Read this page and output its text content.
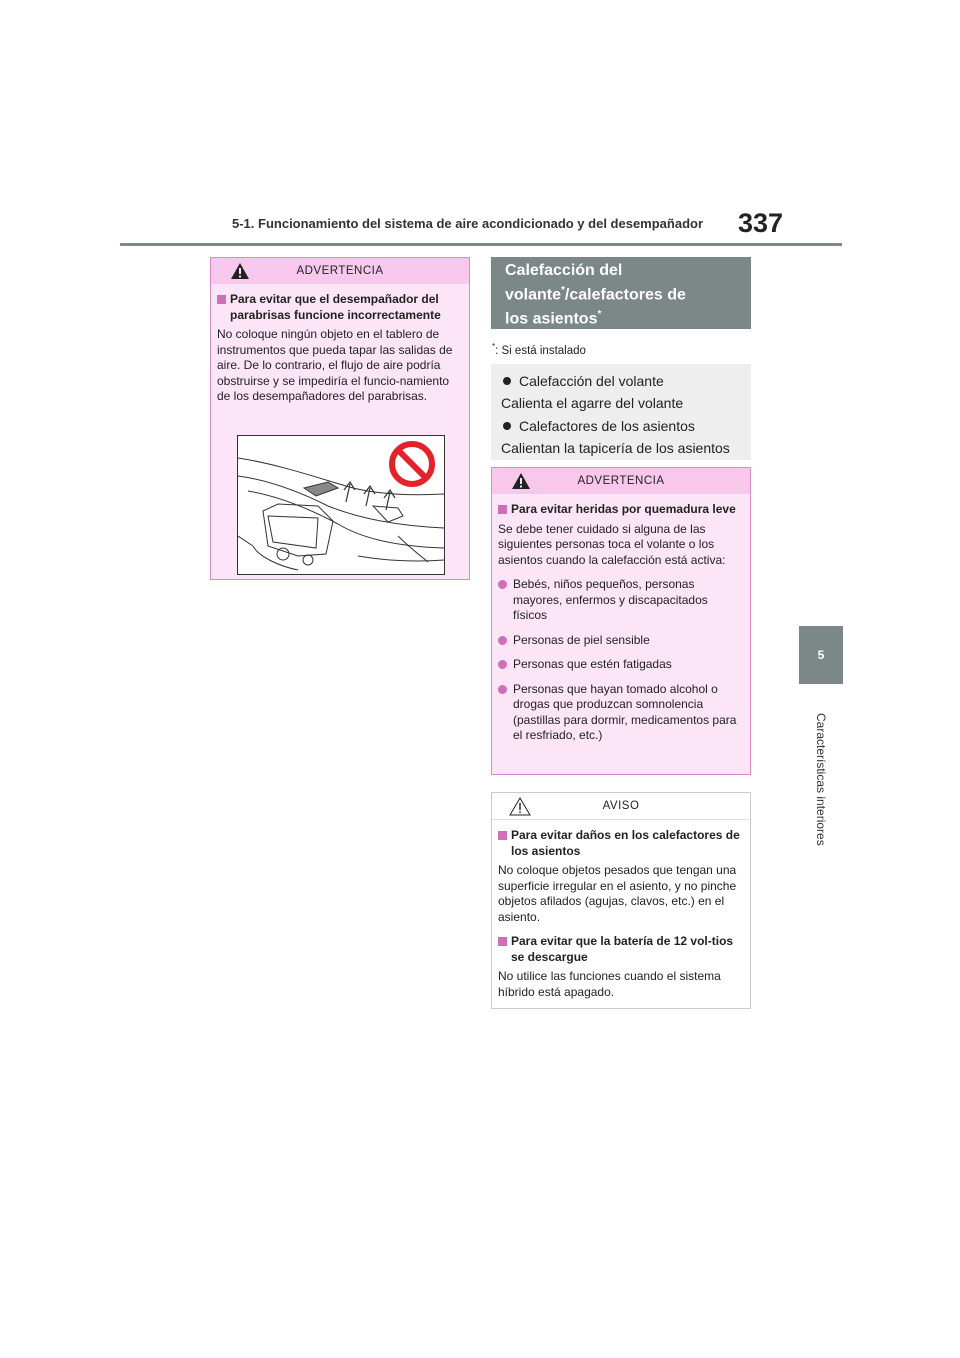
5-1. Funcionamiento del sistema de aire acondicionado y del desempañador 337
5
Características interiores
ADVERTENCIA
Para evitar que el desempañador del parabrisas funcione incorrectamente
No coloque ningún objeto en el tablero de instrumentos que pueda tapar las salidas de aire. De lo contrario, el flujo de aire podría obstruirse y se impediría el funcio-namiento de los desempañadores del parabrisas.
Calefacción del
volante*/calefactores de
los asientos*
*: Si está instalado
Calefacción del volante
Calienta el agarre del volante
Calefactores de los asientos
Calientan la tapicería de los asientos
ADVERTENCIA
Para evitar heridas por quemadura leve
Se debe tener cuidado si alguna de las siguientes personas toca el volante o los asientos cuando la calefacción está activa:
Bebés, niños pequeños, personas mayores, enfermos y discapacitados físicos
Personas de piel sensible
Personas que estén fatigadas
Personas que hayan tomado alcohol o drogas que produzcan somnolencia (pastillas para dormir, medicamentos para el resfriado, etc.)
AVISO
Para evitar daños en los calefactores de los asientos
No coloque objetos pesados que tengan una superficie irregular en el asiento, y no pinche objetos afilados (agujas, clavos, etc.) en el asiento.
Para evitar que la batería de 12 vol-tios se descargue
No utilice las funciones cuando el sistema híbrido está apagado.
